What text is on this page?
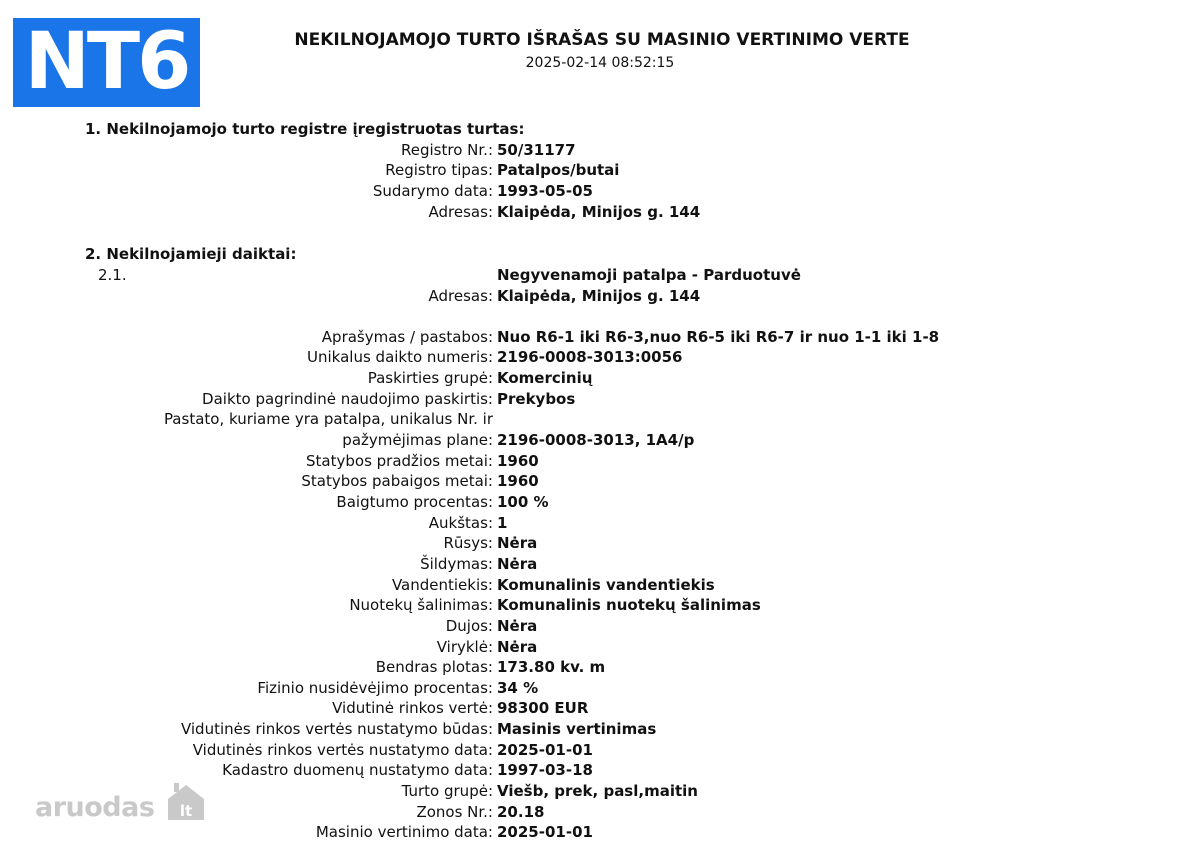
NT6	NEKILNOJAMOJO TURTO IŠRAŠAS SU MASINIO VERTINIMO VERTE
2025-02-14 08:52:15
1. Nekilnojamojo turto registre įregistruotas turtas:
Registro Nr.: 50/31177
Registro tipas: Patalpos/butai
Sudarymo data: 1993-05-05
Adresas: Klaipėda, Minijos g. 144
2. Nekilnojamieji daiktai:
2.1.	Negyvenamoji patalpa - Parduotuvė
Adresas: Klaipėda, Minijos g. 144
Aprašymas / pastabos: Nuo R6-1 iki R6-3,nuo R6-5 iki R6-7 ir nuo 1-1 iki 1-8
Unikalus daikto numeris: 2196-0008-3013:0056
Paskirties grupė: Komercinių
Daikto pagrindinė naudojimo paskirtis: Prekybos
Pastato, kuriame yra patalpa, unikalus Nr. ir
pažymėjimas plane: 2196-0008-3013, 1A4/p
Statybos pradžios metai: 1960
Statybos pabaigos metai: 1960
Baigtumo procentas: 100 %
Aukštas: 1
Rūsys: Nėra
Šildymas: Nėra
Vandentiekis: Komunalinis vandentiekis
Nuotekų šalinimas: Komunalinis nuotekų šalinimas
Dujos: Nėra
Viryklė: Nėra
Bendras plotas: 173.80 kv. m
Fizinio nusidėvėjimo procentas: 34 %
Vidutinė rinkos vertė: 98300 EUR
Vidutinės rinkos vertės nustatymo būdas: Masinis vertinimas
Vidutinės rinkos vertės nustatymo data: 2025-01-01
Kadastro duomenų nustatymo data: 1997-03-18
Turto grupė: Viešb, prek, pasl,maitin
Zonos Nr.: 20.18
Masinio vertinimo data: 2025-01-01
aruodas lt
